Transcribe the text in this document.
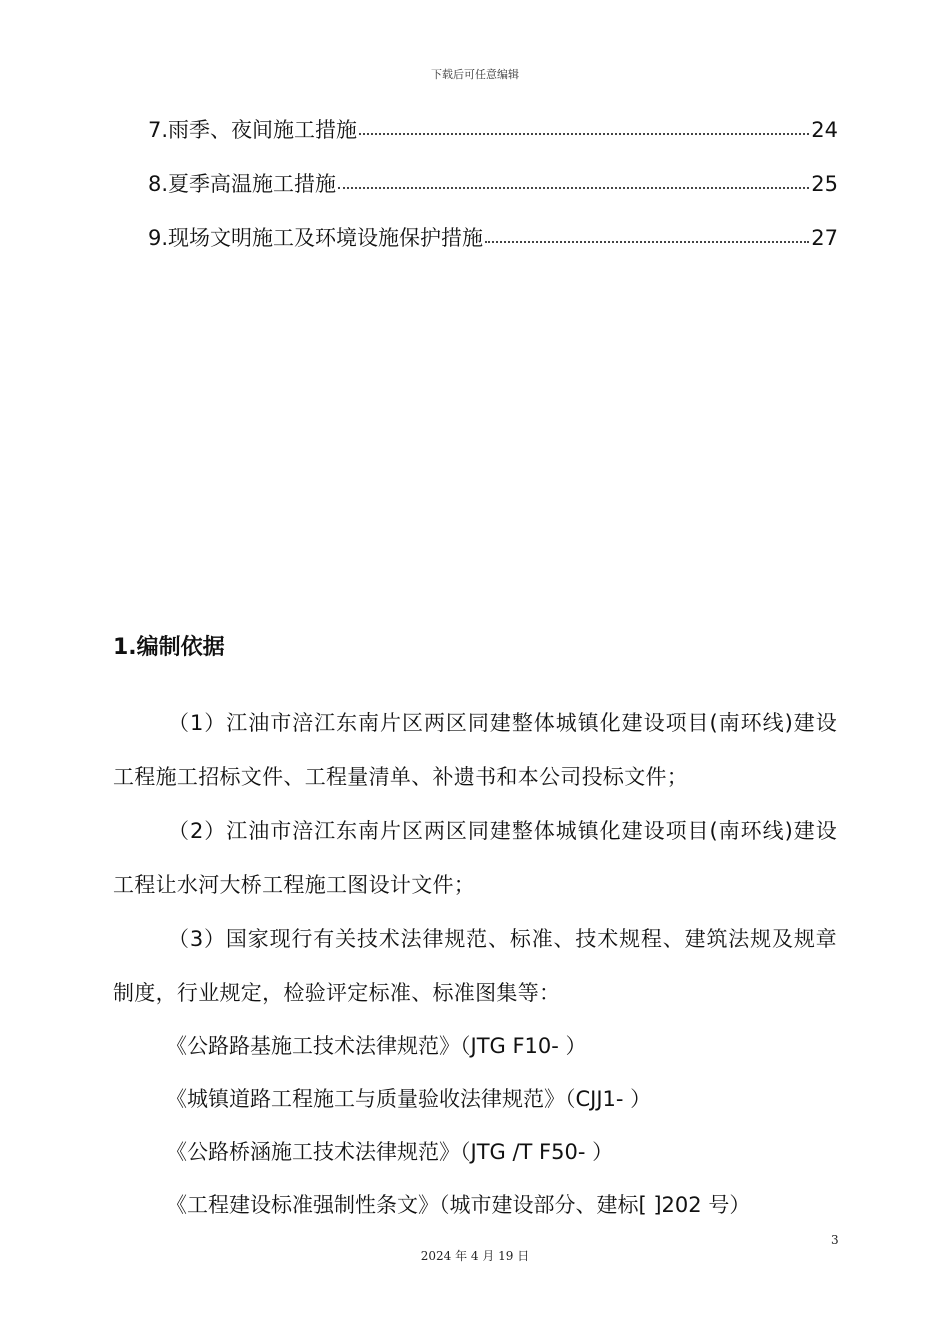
下载后可任意编辑
7.雨季、夜间施工措施	24
8.夏季高温施工措施	25
9.现场文明施工及环境设施保护措施	27
1.编制依据

（1）江油市涪江东南片区两区同建整体城镇化建设项目(南环线)建设工程施工招标文件、工程量清单、补遗书和本公司投标文件；

（2）江油市涪江东南片区两区同建整体城镇化建设项目(南环线)建设工程让水河大桥工程施工图设计文件；

（3）国家现行有关技术法律规范、标准、技术规程、建筑法规及规章制度，行业规定，检验评定标准、标准图集等：

《公路路基施工技术法律规范》（JTG F10- ）
《城镇道路工程施工与质量验收法律规范》（CJJ1- ）
《公路桥涵施工技术法律规范》（JTG /T F50- ）
《工程建设标准强制性条文》（城市建设部分、建标[ ]202 号）
3
2024 年 4 月 19 日
